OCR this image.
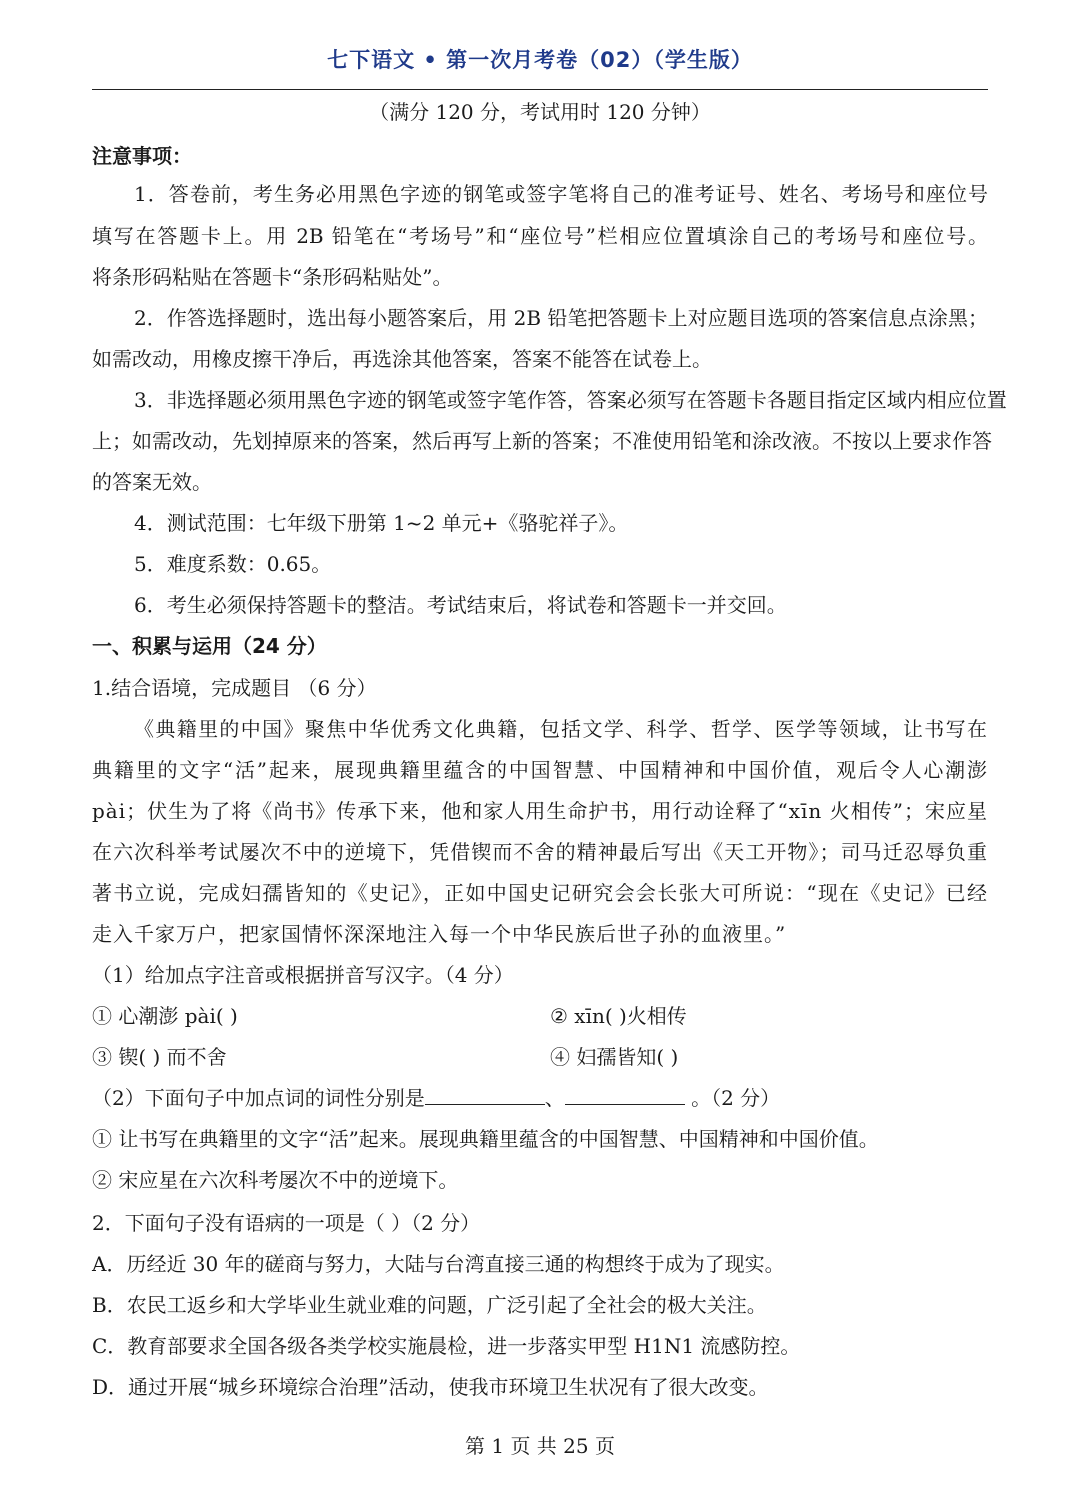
七下语文 • 第一次月考卷（02）（学生版）
（满分 120 分，考试用时 120 分钟）
注意事项：
1．答卷前，考生务必用黑色字迹的钢笔或签字笔将自己的准考证号、姓名、考场号和座位号
填写在答题卡上。用 2B 铅笔在“考场号”和“座位号”栏相应位置填涂自己的考场号和座位号。
将条形码粘贴在答题卡“条形码粘贴处”。
2．作答选择题时，选出每小题答案后，用 2B 铅笔把答题卡上对应题目选项的答案信息点涂黑；
如需改动，用橡皮擦干净后，再选涂其他答案，答案不能答在试卷上。
3．非选择题必须用黑色字迹的钢笔或签字笔作答，答案必须写在答题卡各题目指定区域内相应位置
上；如需改动，先划掉原来的答案，然后再写上新的答案；不准使用铅笔和涂改液。不按以上要求作答
的答案无效。
4．测试范围：七年级下册第 1~2 单元+《骆驼祥子》。
5．难度系数：0.65。
6．考生必须保持答题卡的整洁。考试结束后，将试卷和答题卡一并交回。
一、积累与运用（24 分）
1.结合语境，完成题目 （6 分）
《典籍里的中国》聚焦中华优秀文化典籍，包括文学、科学、哲学、医学等领域，让书写在
典籍里的文字“活”起来，展现典籍里蕴含的中国智慧、中国精神和中国价值，观后令人心潮澎
pài；伏生为了将《尚书》传承下来，他和家人用生命护书，用行动诠释了“xīn 火相传”；宋应星
在六次科举考试屡次不中的逆境下，凭借锲而不舍的精神最后写出《天工开物》；司马迁忍辱负重
著书立说，完成妇孺皆知的《史记》，正如中国史记研究会会长张大可所说：“现在《史记》已经
走入千家万户，把家国情怀深深地注入每一个中华民族后世子孙的血液里。”
（1）给加点字注音或根据拼音写汉字。（4 分）
① 心潮澎 pài( )	② xīn( )火相传
③ 锲( ) 而不舍	④ 妇孺皆知( )
（2）下面句子中加点词的词性分别是	、	。（2 分）
① 让书写在典籍里的文字“活”起来。展现典籍里蕴含的中国智慧、中国精神和中国价值。
② 宋应星在六次科考屡次不中的逆境下。
2．下面句子没有语病的一项是（ ）（2 分）
A．历经近 30 年的磋商与努力，大陆与台湾直接三通的构想终于成为了现实。
B．农民工返乡和大学毕业生就业难的问题，广泛引起了全社会的极大关注。
C．教育部要求全国各级各类学校实施晨检，进一步落实甲型 H1N1 流感防控。
D．通过开展“城乡环境综合治理”活动，使我市环境卫生状况有了很大改变。
第 1 页 共 25 页
